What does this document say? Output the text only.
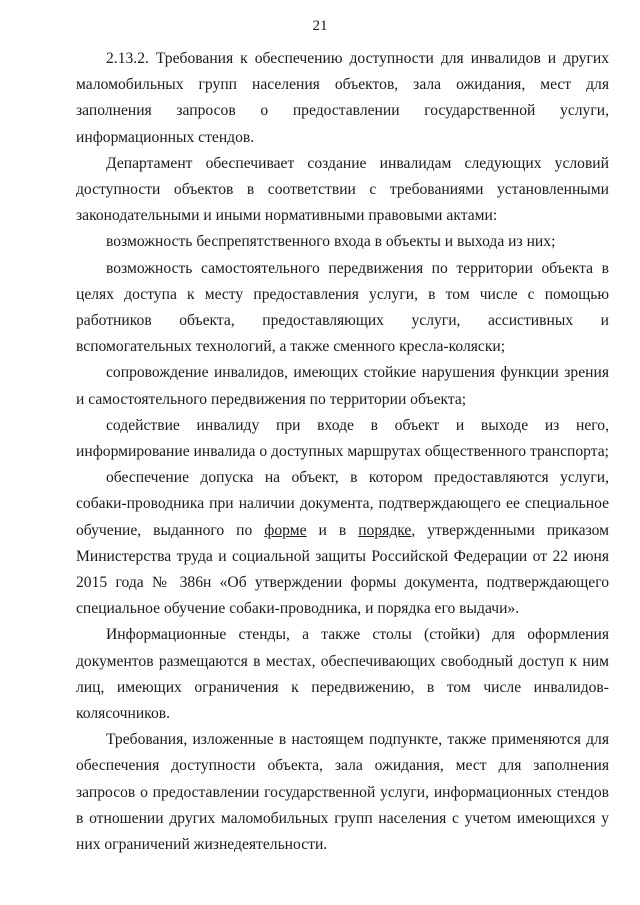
21

2.13.2. Требования к обеспечению доступности для инвалидов и других маломобильных групп населения объектов, зала ожидания, мест для заполнения запросов о предоставлении государственной услуги, информационных стендов.

Департамент обеспечивает создание инвалидам следующих условий доступности объектов в соответствии с требованиями установленными законодательными и иными нормативными правовыми актами:

возможность беспрепятственного входа в объекты и выхода из них;

возможность самостоятельного передвижения по территории объекта в целях доступа к месту предоставления услуги, в том числе с помощью работников объекта, предоставляющих услуги, ассистивных и вспомогательных технологий, а также сменного кресла-коляски;

сопровождение инвалидов, имеющих стойкие нарушения функции зрения и самостоятельного передвижения по территории объекта;

содействие инвалиду при входе в объект и выходе из него, информирование инвалида о доступных маршрутах общественного транспорта;

обеспечение допуска на объект, в котором предоставляются услуги, собаки-проводника при наличии документа, подтверждающего ее специальное обучение, выданного по форме и в порядке, утвержденными приказом Министерства труда и социальной защиты Российской Федерации от 22 июня 2015 года № 386н «Об утверждении формы документа, подтверждающего специальное обучение собаки-проводника, и порядка его выдачи».

Информационные стенды, а также столы (стойки) для оформления документов размещаются в местах, обеспечивающих свободный доступ к ним лиц, имеющих ограничения к передвижению, в том числе инвалидов-колясочников.

Требования, изложенные в настоящем подпункте, также применяются для обеспечения доступности объекта, зала ожидания, мест для заполнения запросов о предоставлении государственной услуги, информационных стендов в отношении других маломобильных групп населения с учетом имеющихся у них ограничений жизнедеятельности.
